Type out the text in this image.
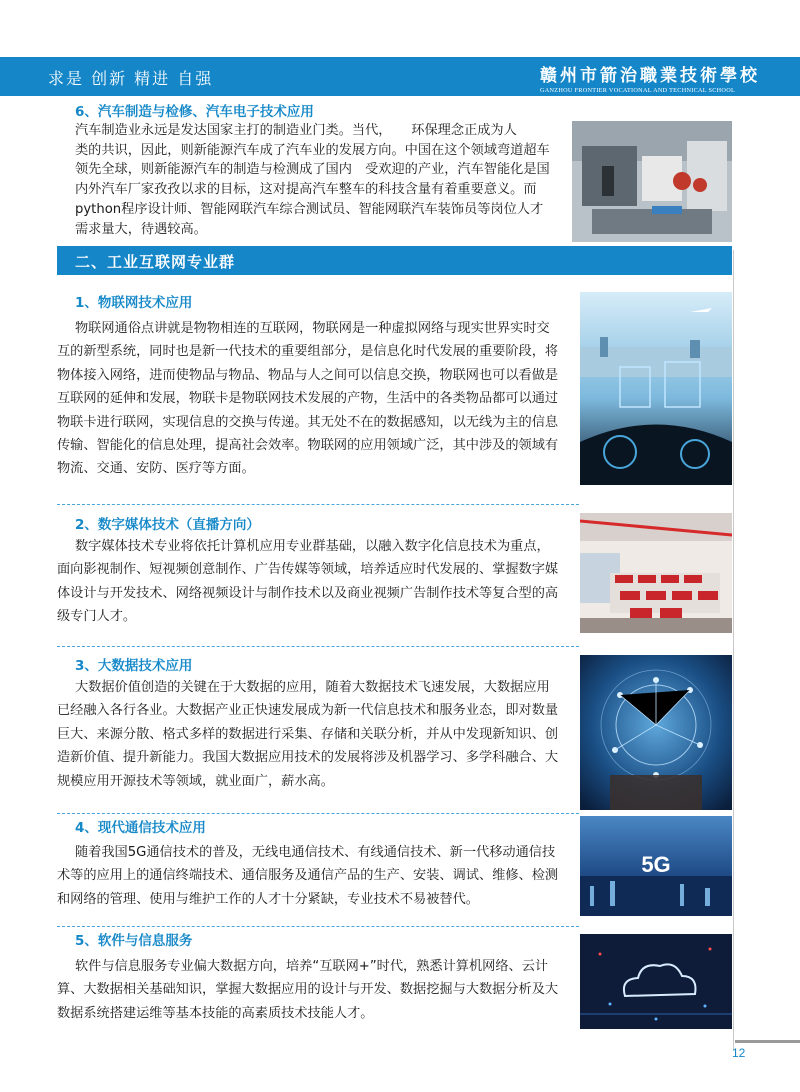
求是 创新 精进 自强	赣州市箭治職業技術學校
GANZHOU FRONTIER VOCATIONAL AND TECHNICAL SCHOOL
6、汽车制造与检修、汽车电子技术应用
汽车制造业永远是发达国家主打的制造业门类。当代，　　环保理念正成为人
类的共识，因此，则新能源汽车成了汽车业的发展方向。中国在这个领域弯道超车
领先全球，则新能源汽车的制造与检测成了国内　受欢迎的产业，汽车智能化是国
内外汽车厂家孜孜以求的目标，这对提高汽车整车的科技含量有着重要意义。而
python程序设计师、智能网联汽车综合测试员、智能网联汽车装饰员等岗位人才
需求量大，待遇较高。
二、工业互联网专业群
1、物联网技术应用
物联网通俗点讲就是物物相连的互联网，物联网是一种虚拟网络与现实世界实时交
互的新型系统，同时也是新一代技术的重要组部分，是信息化时代发展的重要阶段，将
物体接入网络，进而使物品与物品、物品与人之间可以信息交换，物联网也可以看做是
互联网的延伸和发展，物联卡是物联网技术发展的产物，生活中的各类物品都可以通过
物联卡进行联网，实现信息的交换与传递。其无处不在的数据感知，以无线为主的信息
传输、智能化的信息处理，提高社会效率。物联网的应用领域广泛，其中涉及的领域有
物流、交通、安防、医疗等方面。
2、数字媒体技术（直播方向）
数字媒体技术专业将依托计算机应用专业群基础，以融入数字化信息技术为重点，
面向影视制作、短视频创意制作、广告传媒等领域，培养适应时代发展的、掌握数字媒
体设计与开发技术、网络视频设计与制作技术以及商业视频广告制作技术等复合型的高
级专门人才。
3、大数据技术应用
大数据价值创造的关键在于大数据的应用，随着大数据技术飞速发展，大数据应用
已经融入各行各业。大数据产业正快速发展成为新一代信息技术和服务业态，即对数量
巨大、来源分散、格式多样的数据进行采集、存储和关联分析，并从中发现新知识、创
造新价值、提升新能力。我国大数据应用技术的发展将涉及机器学习、多学科融合、大
规模应用开源技术等领域，就业面广，薪水高。
4、现代通信技术应用
随着我国5G通信技术的普及，无线电通信技术、有线通信技术、新一代移动通信技
术等的应用上的通信终端技术、通信服务及通信产品的生产、安装、调试、维修、检测
和网络的管理、使用与维护工作的人才十分紧缺，专业技术不易被替代。
5G
5、软件与信息服务
软件与信息服务专业偏大数据方向，培养“互联网+”时代，熟悉计算机网络、云计
算、大数据相关基础知识，掌握大数据应用的设计与开发、数据挖掘与大数据分析及大
数据系统搭建运维等基本技能的高素质技术技能人才。
12
